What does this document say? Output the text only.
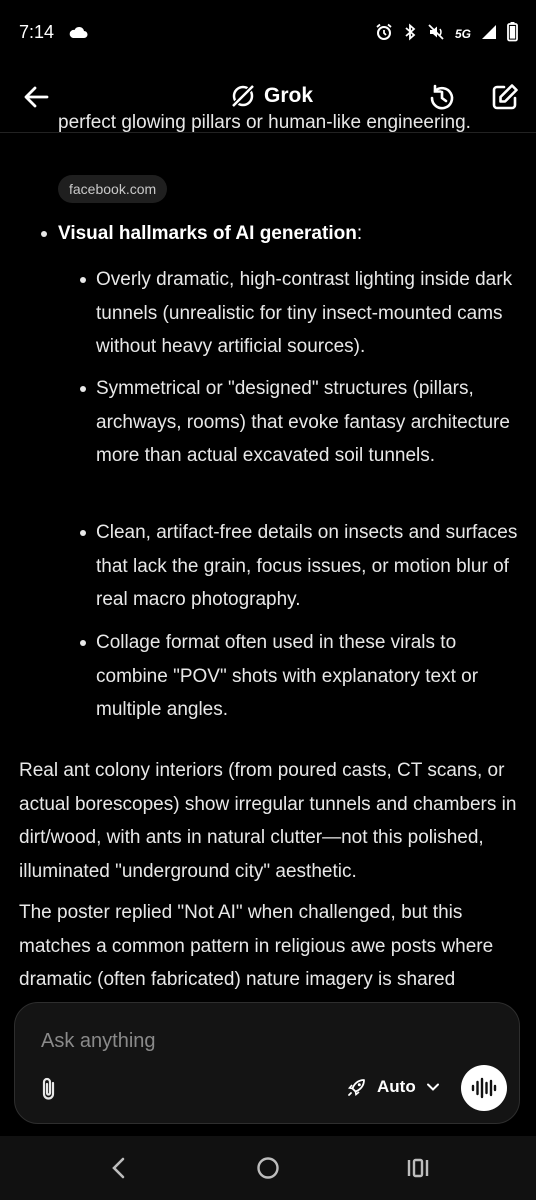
7:14	5G
Grok
perfect glowing pillars or human-like engineering.
facebook.com
Visual hallmarks of AI generation:
Overly dramatic, high-contrast lighting inside dark tunnels (unrealistic for tiny insect-mounted cams without heavy artificial sources).
Symmetrical or "designed" structures (pillars, archways, rooms) that evoke fantasy architecture more than actual excavated soil tunnels.
Clean, artifact-free details on insects and surfaces that lack the grain, focus issues, or motion blur of real macro photography.
Collage format often used in these virals to combine "POV" shots with explanatory text or multiple angles.
Real ant colony interiors (from poured casts, CT scans, or actual borescopes) show irregular tunnels and chambers in dirt/wood, with ants in natural clutter—not this polished, illuminated "underground city" aesthetic.
The poster replied "Not AI" when challenged, but this matches a common pattern in religious awe posts where dramatic (often fabricated) nature imagery is shared
Ask anything
Auto
